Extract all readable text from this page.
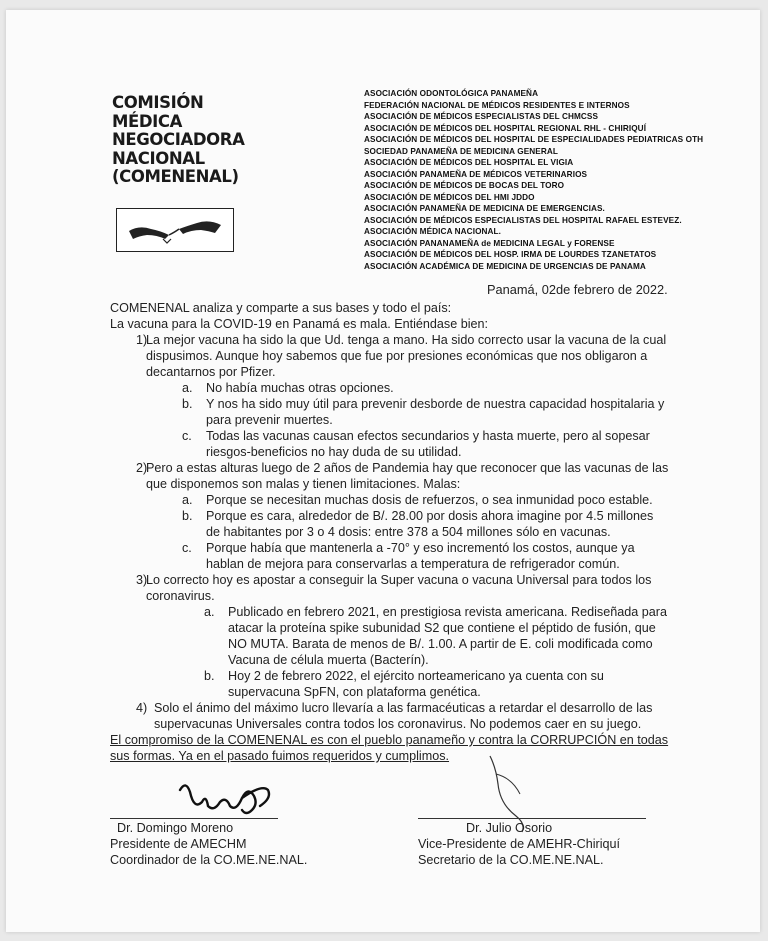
COMISIÓN
MÉDICA
NEGOCIADORA
NACIONAL
(COMENENAL)
ASOCIACIÓN ODONTOLÓGICA PANAMEÑA
FEDERACIÓN NACIONAL DE MÉDICOS RESIDENTES E INTERNOS
ASOCIACIÓN DE MÉDICOS ESPECIALISTAS DEL CHMCSS
ASOCIACIÓN DE MÉDICOS DEL HOSPITAL REGIONAL RHL - CHIRIQUÍ
ASOCIACIÓN DE MÉDICOS DEL HOSPITAL DE ESPECIALIDADES PEDIATRICAS OTH
SOCIEDAD PANAMEÑA DE MEDICINA GENERAL
ASOCIACIÓN DE MÉDICOS DEL HOSPITAL EL VIGIA
ASOCIACIÓN PANAMEÑA DE MÉDICOS VETERINARIOS
ASOCIACIÓN DE MÉDICOS DE BOCAS DEL TORO
ASOCIACIÓN DE MÉDICOS DEL HMI JDDO
ASOCIACIÓN PANAMEÑA DE MEDICINA DE EMERGENCIAS.
ASOCIACIÓN DE MÉDICOS ESPECIALISTAS DEL HOSPITAL RAFAEL ESTEVEZ.
ASOCIACIÓN MÉDICA NACIONAL.
ASOCIACIÓN PANANAMEÑA de MEDICINA LEGAL y FORENSE
ASOCIACIÓN DE MÉDICOS DEL HOSP. IRMA DE LOURDES TZANETATOS
ASOCIACIÓN ACADÉMICA DE MEDICINA DE URGENCIAS DE PANAMA
Panamá, 02de febrero de 2022.

COMENENAL analiza y comparte a sus bases y todo el país:

La vacuna para la COVID-19 en Panamá es mala. Entiéndase bien:

1)
La mejor vacuna ha sido la que Ud. tenga a mano. Ha sido correcto usar la vacuna de la cual dispusimos. Aunque hoy sabemos que fue por presiones económicas que nos obligaron a decantarnos por Pfizer.
a. No había muchas otras opciones.
b. Y nos ha sido muy útil para prevenir desborde de nuestra capacidad hospitalaria y para prevenir muertes.
c. Todas las vacunas causan efectos secundarios y hasta muerte, pero al sopesar riesgos-beneficios no hay duda de su utilidad.
2)
Pero a estas alturas luego de 2 años de Pandemia hay que reconocer que las vacunas de las que disponemos son malas y tienen limitaciones. Malas:
a. Porque se necesitan muchas dosis de refuerzos, o sea inmunidad poco estable.
b. Porque es cara, alrededor de B/. 28.00 por dosis ahora imagine por 4.5 millones de habitantes por 3 o 4 dosis: entre 378 a 504 millones sólo en vacunas.
c. Porque había que mantenerla a -70° y eso incrementó los costos, aunque ya hablan de mejora para conservarlas a temperatura de refrigerador común.
3)
Lo correcto hoy es apostar a conseguir la Super vacuna o vacuna Universal para todos los coronavirus.
a. Publicado en febrero 2021, en prestigiosa revista americana. Rediseñada para atacar la proteína spike subunidad S2 que contiene el péptido de fusión, que NO MUTA. Barata de menos de B/. 1.00. A partir de E. coli modificada como Vacuna de célula muerta (Bacterín).
b. Hoy 2 de febrero 2022, el ejército norteamericano ya cuenta con su supervacuna SpFN, con plataforma genética.
4) Solo el ánimo del máximo lucro llevaría a las farmacéuticas a retardar el desarrollo de las supervacunas Universales contra todos los coronavirus. No podemos caer en su juego.

El compromiso de la COMENENAL es con el pueblo panameño y contra la CORRUPCIÓN en todas sus formas. Ya en el pasado fuimos requeridos y cumplimos.

Dr. Domingo Moreno
Presidente de AMECHM
Coordinador de la CO.ME.NE.NAL.
Dr. Julio Osorio
Vice-Presidente de AMEHR-Chiriquí
Secretario de la CO.ME.NE.NAL.
